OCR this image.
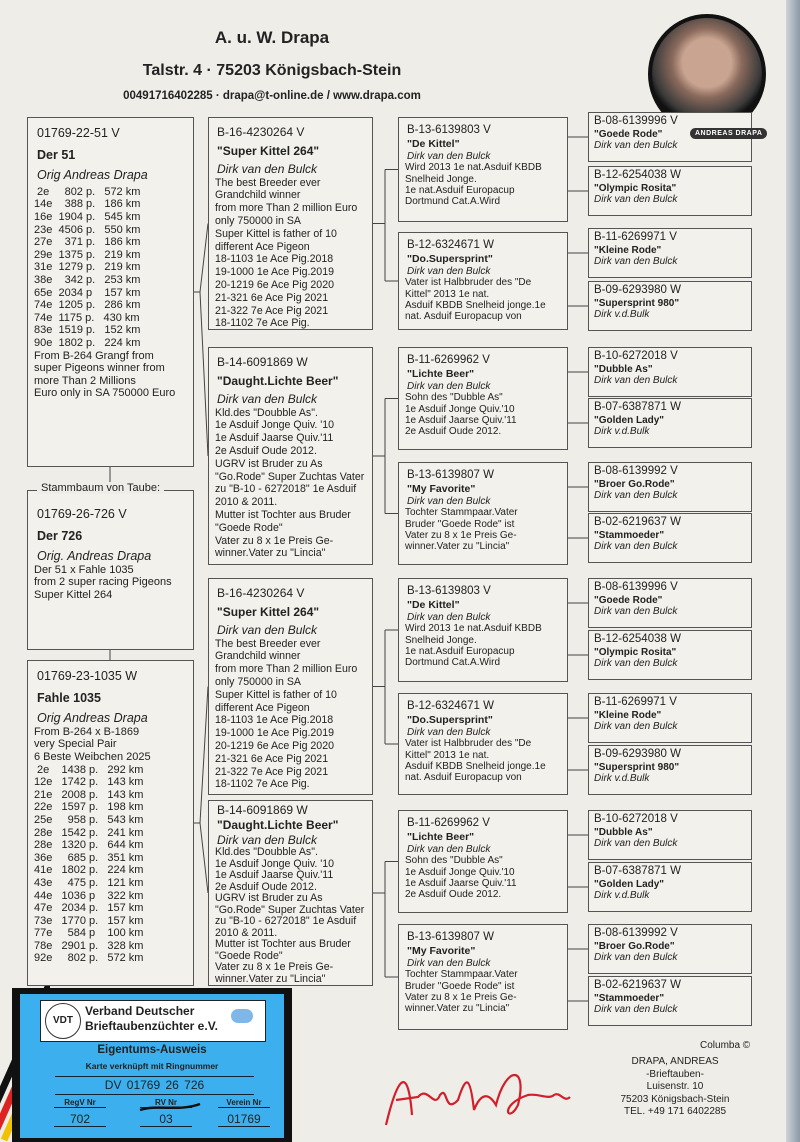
A. u. W. Drapa
Talstr. 4 · 75203 Königsbach-Stein
00491716402285 · drapa@t-online.de / www.drapa.com
ANDREAS DRAPA
01769-22-51 V
Der 51
Orig Andreas Drapa
2e     802 p.   572 km
14e    388 p.   186 km
16e  1904 p.   545 km
23e  4506 p.   550 km
27e    371 p.   186 km
29e  1375 p.   219 km
31e  1279 p.   219 km
38e    342 p.   253 km
65e  2034 p    157 km
74e  1205 p.   286 km
74e  1175 p.   430 km
83e  1519 p.   152 km
90e  1802 p.   224 km
From B-264 Grangf from
super Pigeons winner from
more Than 2 Millions
Euro only in SA 750000 Euro
Stammbaum von Taube:
01769-26-726 V
Der 726
Orig. Andreas Drapa
Der 51 x Fahle 1035
from 2 super racing Pigeons
Super Kittel 264
01769-23-1035 W
Fahle 1035
Orig Andreas Drapa
From B-264 x B-1869
very Special Pair
6 Beste Weibchen 2025
2e    1438 p.   292 km
12e   1742 p.   143 km
21e   2008 p.   143 km
22e   1597 p.   198 km
25e     958 p.   543 km
28e   1542 p.   241 km
28e   1320 p.   644 km
36e     685 p.   351 km
41e   1802 p.   224 km
43e     475 p.   121 km
44e   1036 p    322 km
47e   2034 p.   157 km
73e   1770 p.   157 km
77e     584 p    100 km
78e   2901 p.   328 km
92e     802 p.   572 km
B-16-4230264 V
"Super Kittel 264"
Dirk van den Bulck
The best Breeder ever
Grandchild winner
from more Than 2 million Euro
only 750000 in SA
Super Kittel is father of 10
different Ace Pigeon
18-1103 1e Ace Pig.2018
19-1000 1e Ace Pig.2019
20-1219 6e Ace Pig 2020
21-321 6e Ace Pig 2021
21-322 7e Ace Pig 2021
18-1102 7e Ace Pig.
B-14-6091869 W
"Daught.Lichte Beer"
Dirk van den Bulck
Kld.des "Doubble As".
1e Asduif Jonge Quiv. '10
1e Asduif Jaarse Quiv.'11
2e Asduif Oude 2012.
UGRV ist Bruder zu As
"Go.Rode" Super Zuchtas Vater
zu "B-10 - 6272018" 1e Asduif
2010 & 2011.
Mutter ist Tochter aus Bruder
"Goede Rode"
Vater zu 8 x 1e Preis Ge-
winner.Vater zu "Lincia"
B-16-4230264 V
"Super Kittel 264"
Dirk van den Bulck
The best Breeder ever
Grandchild winner
from more Than 2 million Euro
only 750000 in SA
Super Kittel is father of 10
different Ace Pigeon
18-1103 1e Ace Pig.2018
19-1000 1e Ace Pig.2019
20-1219 6e Ace Pig 2020
21-321 6e Ace Pig 2021
21-322 7e Ace Pig 2021
18-1102 7e Ace Pig.
B-14-6091869 W
"Daught.Lichte Beer"
Dirk van den Bulck
Kld.des "Doubble As".
1e Asduif Jonge Quiv. '10
1e Asduif Jaarse Quiv.'11
2e Asduif Oude 2012.
UGRV ist Bruder zu As
"Go.Rode" Super Zuchtas Vater
zu "B-10 - 6272018" 1e Asduif
2010 & 2011.
Mutter ist Tochter aus Bruder
"Goede Rode"
Vater zu 8 x 1e Preis Ge-
winner.Vater zu "Lincia"
B-13-6139803 V
"De Kittel"
Dirk van den Bulck
Wird 2013 1e nat.Asduif KBDB
Snelheid Jonge.
1e nat.Asduif Europacup
Dortmund Cat.A.Wird
B-12-6324671 W
"Do.Supersprint"
Dirk van den Bulck
Vater ist Halbbruder des "De
Kittel" 2013 1e nat.
Asduif KBDB Snelheid jonge.1e
nat. Asduif Europacup von
B-11-6269962 V
"Lichte Beer"
Dirk van den Bulck
Sohn des "Dubble As"
1e Asduif Jonge Quiv.'10
1e Asduif Jaarse Quiv.'11
2e Asduif Oude 2012.
B-13-6139807 W
"My Favorite"
Dirk van den Bulck
Tochter Stammpaar.Vater
Bruder "Goede Rode" ist
Vater zu 8 x 1e Preis Ge-
winner.Vater zu "Lincia"
B-13-6139803 V
"De Kittel"
Dirk van den Bulck
Wird 2013 1e nat.Asduif KBDB
Snelheid Jonge.
1e nat.Asduif Europacup
Dortmund Cat.A.Wird
B-12-6324671 W
"Do.Supersprint"
Dirk van den Bulck
Vater ist Halbbruder des "De
Kittel" 2013 1e nat.
Asduif KBDB Snelheid jonge.1e
nat. Asduif Europacup von
B-11-6269962 V
"Lichte Beer"
Dirk van den Bulck
Sohn des "Dubble As"
1e Asduif Jonge Quiv.'10
1e Asduif Jaarse Quiv.'11
2e Asduif Oude 2012.
B-13-6139807 W
"My Favorite"
Dirk van den Bulck
Tochter Stammpaar.Vater
Bruder "Goede Rode" ist
Vater zu 8 x 1e Preis Ge-
winner.Vater zu "Lincia"
B-08-6139996 V
"Goede Rode"
Dirk van den Bulck
B-12-6254038 W
"Olympic Rosita"
Dirk van den Bulck
B-11-6269971 V
"Kleine Rode"
Dirk van den Bulck
B-09-6293980 W
"Supersprint 980"
Dirk v.d.Bulk
B-10-6272018 V
"Dubble As"
Dirk van den Bulck
B-07-6387871 W
"Golden Lady"
Dirk v.d.Bulk
B-08-6139992 V
"Broer Go.Rode"
Dirk van den Bulck
B-02-6219637 W
"Stammoeder"
Dirk van den Bulck
B-08-6139996 V
"Goede Rode"
Dirk van den Bulck
B-12-6254038 W
"Olympic Rosita"
Dirk van den Bulck
B-11-6269971 V
"Kleine Rode"
Dirk van den Bulck
B-09-6293980 W
"Supersprint 980"
Dirk v.d.Bulk
B-10-6272018 V
"Dubble As"
Dirk van den Bulck
B-07-6387871 W
"Golden Lady"
Dirk v.d.Bulk
B-08-6139992 V
"Broer Go.Rode"
Dirk van den Bulck
B-02-6219637 W
"Stammoeder"
Dirk van den Bulck
VDT
Verband Deutscher
Brieftaubenzüchter e.V.
Eigentums-Ausweis
Karte verknüpft mit Ringnummer
DV 01769 26 726
RegV Nr	RV Nr	Verein Nr
702	03	01769
Columba ©
DRAPA, ANDREAS
-Brieftauben-
Luisenstr. 10
75203 Königsbach-Stein
TEL. +49 171 6402285
